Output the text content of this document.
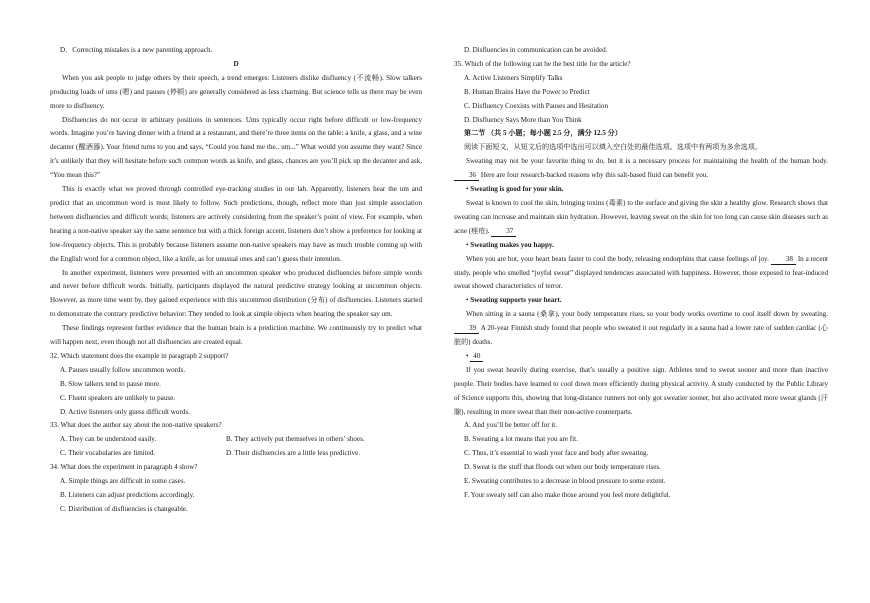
D．Correcting mistakes is a new parenting approach.
D
When you ask people to judge others by their speech, a trend emerges: Listeners dislike disfluency (不流畅). Slow talkers producing loads of ums (嗯) and pauses (停顿) are generally considered as less charming. But science tells us there may be even more to disfluency.
Disfluencies do not occur in arbitrary positions in sentences. Ums typically occur right before difficult or low-frequency words. Imagine you’re having dinner with a friend at a restaurant, and there’re three items on the table: a knife, a glass, and a wine decanter (醒酒器). Your friend turns to you and says, “Could you hand me the.. um...” What would you assume they want? Since it’s unlikely that they will hesitate before such common words as knife, and glass, chances are you’ll pick up the decanter and ask, “You mean this?”
This is exactly what we proved through controlled eye-tracking studies in our lab. Apparently, listeners hear the um and predict that an uncommon word is most likely to follow. Such predictions, though, reflect more than just simple association between disfluencies and difficult words; listeners are actively considering from the speaker’s point of view. For example, when hearing a non-native speaker say the same sentence but with a thick foreign accent, listeners don’t show a preference for looking at low-frequency objects. This is probably because listeners assume non-native speakers may have as much trouble coming up with the English word for a common object, like a knife, as for unusual ones and can’t guess their intention.
In another experiment, listeners were presented with an uncommon speaker who produced disfluencies before simple words and never before difficult words. Initially, participants displayed the natural predictive strategy looking at uncommon objects. However, as more time went by, they gained experience with this uncommon distribution (分布) of disfluencies. Listeners started to demonstrate the contrary predictive behavior: They tended to look at simple objects when hearing the speaker say um.
These findings represent further evidence that the human brain is a prediction machine. We continuously try to predict what will happen next, even though not all disfluencies are created equal.
32. Which statement does the example in paragraph 2 support?
A. Pauses usually follow uncommon words.
B. Slow talkers tend to pause more.
C. Fluent speakers are unlikely to pause.
D. Active listeners only guess difficult words.
33. What does the author say about the non-native speakers?
A. They can be understood easily.	B. They actively put themselves in others’ shoes.
C. Their vocabularies are limited.	D. Their disfluencies are a little less predictive.
34. What does the experiment in paragraph 4 show?
A. Simple things are difficult in some cases.
B. Listeners can adjust predictions accordingly.
C. Distribution of disfluencies is changeable.
D. Disfluencies in communication can be avoided.
35. Which of the following can be the best title for the article?
A. Active Listeners Simplify Talks
B. Human Brains Have the Power to Predict
C. Disfluency Coexists with Pauses and Hesitation
D. Disfluency Says More than You Think
第二节 （共 5 小题；每小题 2.5 分，满分 12.5 分）
阅读下面短文，从短文后的选项中选出可以填入空白处的最佳选项。选项中有两项为多余选项。
Sweating may not be your favorite thing to do, but it is a necessary process for maintaining the health of the human body. 36 Here are four research-backed reasons why this salt-based fluid can benefit you.
• Sweating is good for your skin.
Sweat is known to cool the skin, bringing toxins (毒素) to the surface and giving the skin a healthy glow. Research shows that sweating can increase and maintain skin hydration. However, leaving sweat on the skin for too long can cause skin diseases such as acne (痤疮). 37
• Sweating makes you happy.
When you are hot, your heart beats faster to cool the body, releasing endorphins that cause feelings of joy. 38 In a recent study, people who smelled “joyful sweat” displayed tendencies associated with happiness. However, those exposed to fear-induced sweat showed characteristics of terror.
• Sweating supports your heart.
When sitting in a sauna (桑拿), your body temperature rises, so your body works overtime to cool itself down by sweating. 39 A 20-year Finnish study found that people who sweated it out regularly in a sauna had a lower rate of sudden cardiac (心脏的) deaths.
• 40
If you sweat heavily during exercise, that’s usually a positive sign. Athletes tend to sweat sooner and more than inactive people. Their bodies have learned to cool down more efficiently during physical activity. A study conducted by the Public Library of Science supports this, showing that long-distance runners not only got sweatier sooner, but also activated more sweat glands (汗腺), resulting in more sweat than their non-active counterparts.
A. And you’ll be better off for it.
B. Sweating a lot means that you are fit.
C. Thus, it’s essential to wash your face and body after sweating.
D. Sweat is the stuff that floods out when our body temperature rises.
E. Sweating contributes to a decrease in blood pressure to some extent.
F. Your sweaty self can also make those around you feel more delightful.
